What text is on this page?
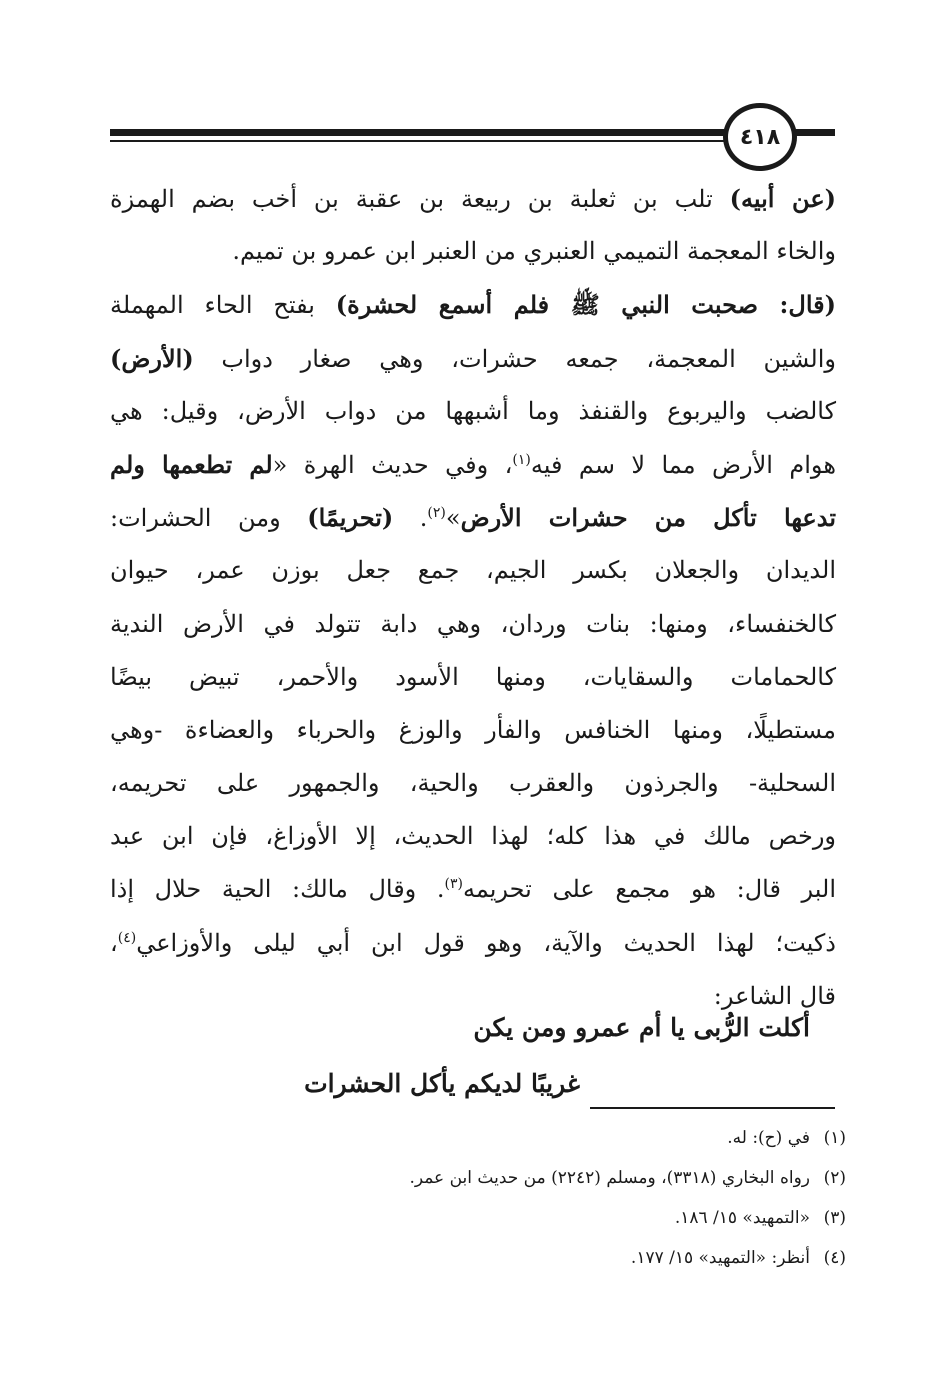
٤١٨
(عن أبيه) تلب بن ثعلبة بن ربيعة بن عقبة بن أخب بضم الهمزة
والخاء المعجمة التميمي العنبري من العنبر ابن عمرو بن تميم.
(قال: صحبت النبي ﷺ فلم أسمع لحشرة) بفتح الحاء المهملة
والشين المعجمة، جمعه حشرات، وهي صغار دواب (الأرض)
كالضب واليربوع والقنفذ وما أشبهها من دواب الأرض، وقيل: هي
هوام الأرض مما لا سم فيه$^{(١)}$، وفي حديث الهرة «لم تطعمها ولم
تدعها تأكل من حشرات الأرض»$^{(٢)}$. (تحريمًا) ومن الحشرات:
الديدان والجعلان بكسر الجيم، جمع جعل بوزن عمر، حيوان
كالخنفساء، ومنها: بنات وردان، وهي دابة تتولد في الأرض الندية
كالحمامات والسقايات، ومنها الأسود والأحمر، تبيض بيضًا
مستطيلًا، ومنها الخنافس والفأر والوزغ والحرباء والعضاءة -وهي
السحلية- والجرذون والعقرب والحية، والجمهور على تحريمه،
ورخص مالك في هذا كله؛ لهذا الحديث، إلا الأوزاغ، فإن ابن عبد
البر قال: هو مجمع على تحريمه$^{(٣)}$. وقال مالك: الحية حلال إذا
ذكيت؛ لهذا الحديث والآية، وهو قول ابن أبي ليلى والأوزاعي$^{(٤)}$،
قال الشاعر:
أكلت الرُّبى يا أم عمرو ومن يكن
غريبًا لديكم يأكل الحشرات
(١)في (ح): له.
(٢)رواه البخاري (٣٣١٨)، ومسلم (٢٢٤٢) من حديث ابن عمر.
(٣)«التمهيد» ١٥/ ١٨٦.
(٤)أنظر: «التمهيد» ١٥/ ١٧٧.
